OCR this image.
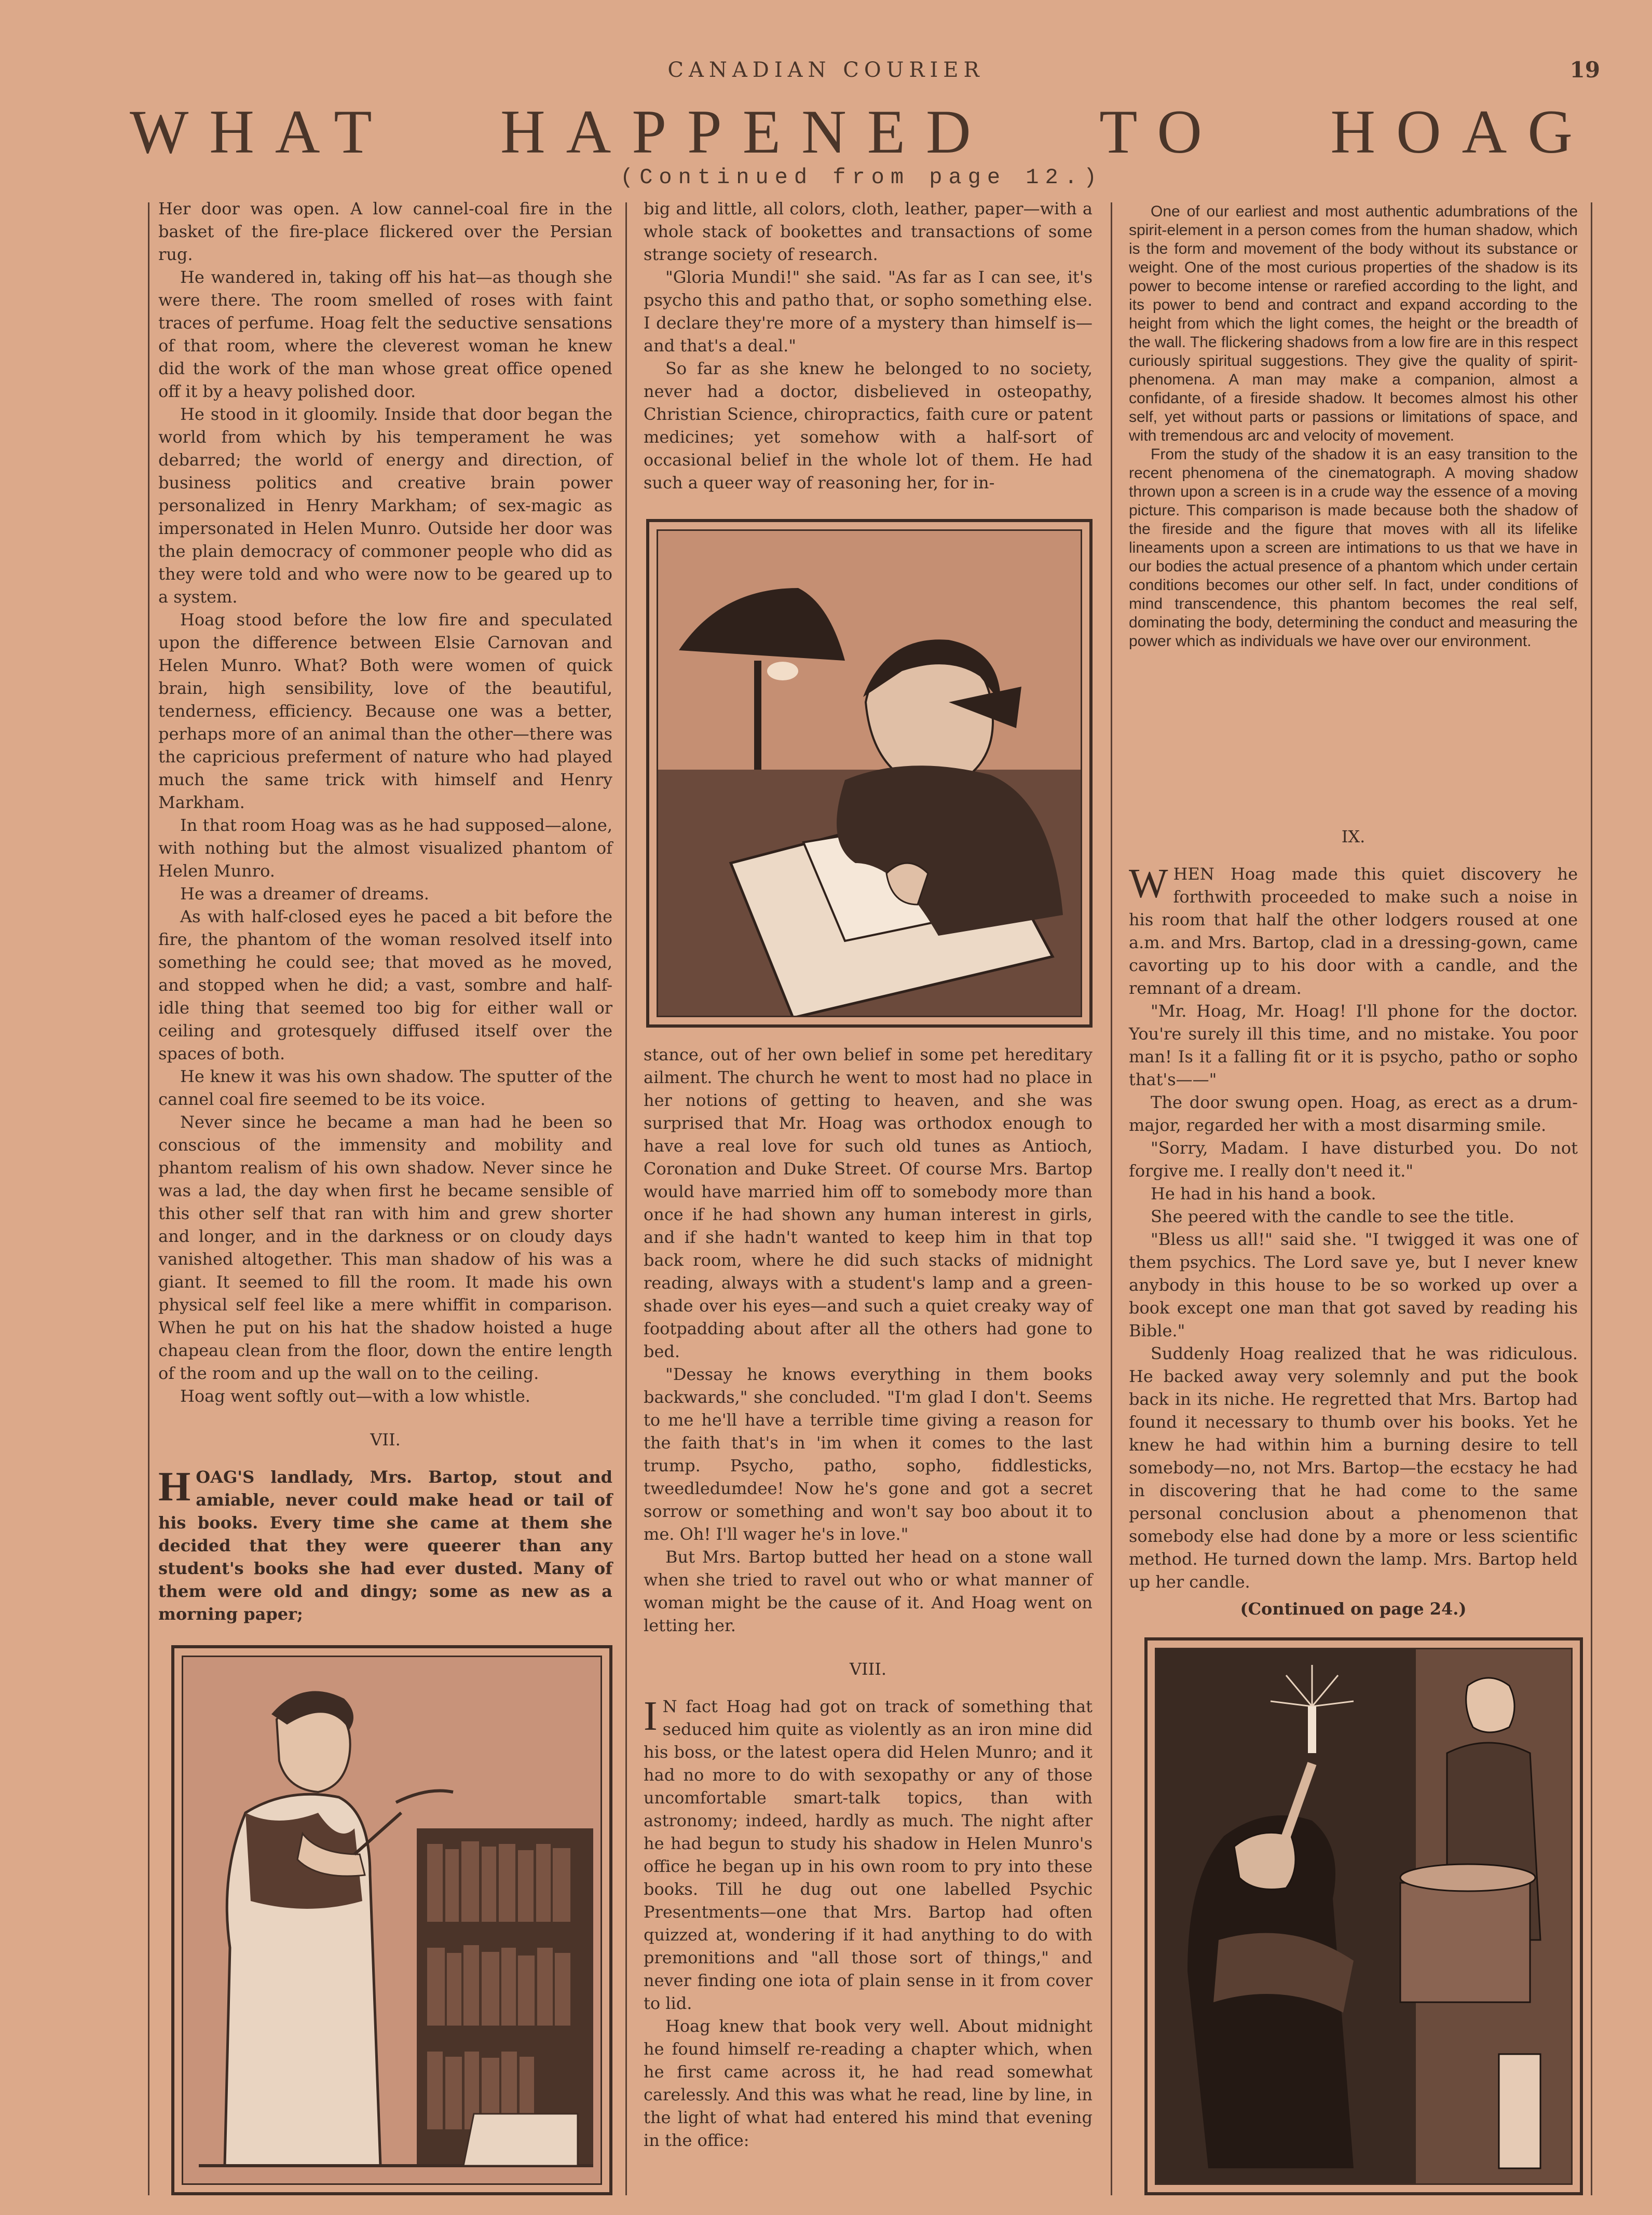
CANADIAN COURIER	19
WHAT HAPPENED TO HOAG
(Continued from page 12.)

Her door was open. A low cannel-coal fire in the basket of the fire-place flickered over the Persian rug.

He wandered in, taking off his hat—as though she were there. The room smelled of roses with faint traces of perfume. Hoag felt the seductive sensations of that room, where the cleverest woman he knew did the work of the man whose great office opened off it by a heavy polished door.

He stood in it gloomily. Inside that door began the world from which by his temperament he was debarred; the world of energy and direction, of business politics and creative brain power personalized in Henry Markham; of sex-magic as impersonated in Helen Munro. Outside her door was the plain democracy of commoner people who did as they were told and who were now to be geared up to a system.

Hoag stood before the low fire and speculated upon the difference between Elsie Carnovan and Helen Munro. What? Both were women of quick brain, high sensibility, love of the beautiful, tenderness, efficiency. Because one was a better, perhaps more of an animal than the other—there was the capricious preferment of nature who had played much the same trick with himself and Henry Markham.

In that room Hoag was as he had supposed—alone, with nothing but the almost visualized phantom of Helen Munro.

He was a dreamer of dreams.

As with half-closed eyes he paced a bit before the fire, the phantom of the woman resolved itself into something he could see; that moved as he moved, and stopped when he did; a vast, sombre and half-idle thing that seemed too big for either wall or ceiling and grotesquely diffused itself over the spaces of both.

He knew it was his own shadow. The sputter of the cannel coal fire seemed to be its voice.

Never since he became a man had he been so conscious of the immensity and mobility and phantom realism of his own shadow. Never since he was a lad, the day when first he became sensible of this other self that ran with him and grew shorter and longer, and in the darkness or on cloudy days vanished altogether. This man shadow of his was a giant. It seemed to fill the room. It made his own physical self feel like a mere whiffit in comparison. When he put on his hat the shadow hoisted a huge chapeau clean from the floor, down the entire length of the room and up the wall on to the ceiling.

Hoag went softly out—with a low whistle.

VII.

HOAG'S landlady, Mrs. Bartop, stout and amiable, never could make head or tail of his books. Every time she came at them she decided that they were queerer than any student's books she had ever dusted. Many of them were old and dingy; some as new as a morning paper;

big and little, all colors, cloth, leather, paper—with a whole stack of bookettes and transactions of some strange society of research.

"Gloria Mundi!" she said. "As far as I can see, it's psycho this and patho that, or sopho something else. I declare they're more of a mystery than himself is—and that's a deal."

So far as she knew he belonged to no society, never had a doctor, disbelieved in osteopathy, Christian Science, chiropractics, faith cure or patent medicines; yet somehow with a half-sort of occasional belief in the whole lot of them. He had such a queer way of reasoning her, for in-

stance, out of her own belief in some pet hereditary ailment. The church he went to most had no place in her notions of getting to heaven, and she was surprised that Mr. Hoag was orthodox enough to have a real love for such old tunes as Antioch, Coronation and Duke Street. Of course Mrs. Bartop would have married him off to somebody more than once if he had shown any human interest in girls, and if she hadn't wanted to keep him in that top back room, where he did such stacks of midnight reading, always with a student's lamp and a green-shade over his eyes—and such a quiet creaky way of footpadding about after all the others had gone to bed.

"Dessay he knows everything in them books backwards," she concluded. "I'm glad I don't. Seems to me he'll have a terrible time giving a reason for the faith that's in 'im when it comes to the last trump. Psycho, patho, sopho, fiddlesticks, tweedledumdee! Now he's gone and got a secret sorrow or something and won't say boo about it to me. Oh! I'll wager he's in love."

But Mrs. Bartop butted her head on a stone wall when she tried to ravel out who or what manner of woman might be the cause of it. And Hoag went on letting her.

VIII.

I N fact Hoag had got on track of something that seduced him quite as violently as an iron mine did his boss, or the latest opera did Helen Munro; and it had no more to do with sexopathy or any of those uncomfortable smart-talk topics, than with astronomy; indeed, hardly as much. The night after he had begun to study his shadow in Helen Munro's office he began up in his own room to pry into these books. Till he dug out one labelled Psychic Presentments—one that Mrs. Bartop had often quizzed at, wondering if it had anything to do with premonitions and "all those sort of things," and never finding one iota of plain sense in it from cover to lid.

Hoag knew that book very well. About midnight he found himself re-reading a chapter which, when he first came across it, he had read somewhat carelessly. And this was what he read, line by line, in the light of what had entered his mind that evening in the office:

One of our earliest and most authentic adumbrations of the spirit-element in a person comes from the human shadow, which is the form and movement of the body without its substance or weight. One of the most curious properties of the shadow is its power to become intense or rarefied according to the light, and its power to bend and contract and expand according to the height from which the light comes, the height or the breadth of the wall. The flickering shadows from a low fire are in this respect curiously spiritual suggestions. They give the quality of spirit-phenomena. A man may make a companion, almost a confidante, of a fireside shadow. It becomes almost his other self, yet without parts or passions or limitations of space, and with tremendous arc and velocity of movement.

From the study of the shadow it is an easy transition to the recent phenomena of the cinematograph. A moving shadow thrown upon a screen is in a crude way the essence of a moving picture. This comparison is made because both the shadow of the fireside and the figure that moves with all its lifelike lineaments upon a screen are intimations to us that we have in our bodies the actual presence of a phantom which under certain conditions becomes our other self. In fact, under conditions of mind transcendence, this phantom becomes the real self, dominating the body, determining the conduct and measuring the power which as individuals we have over our environment.

IX.

WHEN Hoag made this quiet discovery he forthwith proceeded to make such a noise in his room that half the other lodgers roused at one a.m. and Mrs. Bartop, clad in a dressing-gown, came cavorting up to his door with a candle, and the remnant of a dream.

"Mr. Hoag, Mr. Hoag! I'll phone for the doctor. You're surely ill this time, and no mistake. You poor man! Is it a falling fit or it is psycho, patho or sopho that's——"

The door swung open. Hoag, as erect as a drum-major, regarded her with a most disarming smile.

"Sorry, Madam. I have disturbed you. Do not forgive me. I really don't need it."

He had in his hand a book.

She peered with the candle to see the title.

"Bless us all!" said she. "I twigged it was one of them psychics. The Lord save ye, but I never knew anybody in this house to be so worked up over a book except one man that got saved by reading his Bible."

Suddenly Hoag realized that he was ridiculous. He backed away very solemnly and put the book back in its niche. He regretted that Mrs. Bartop had found it necessary to thumb over his books. Yet he knew he had within him a burning desire to tell somebody—no, not Mrs. Bartop—the ecstacy he had in discovering that he had come to the same personal conclusion about a phenomenon that somebody else had done by a more or less scientific method. He turned down the lamp. Mrs. Bartop held up her candle.

(Continued on page 24.)
